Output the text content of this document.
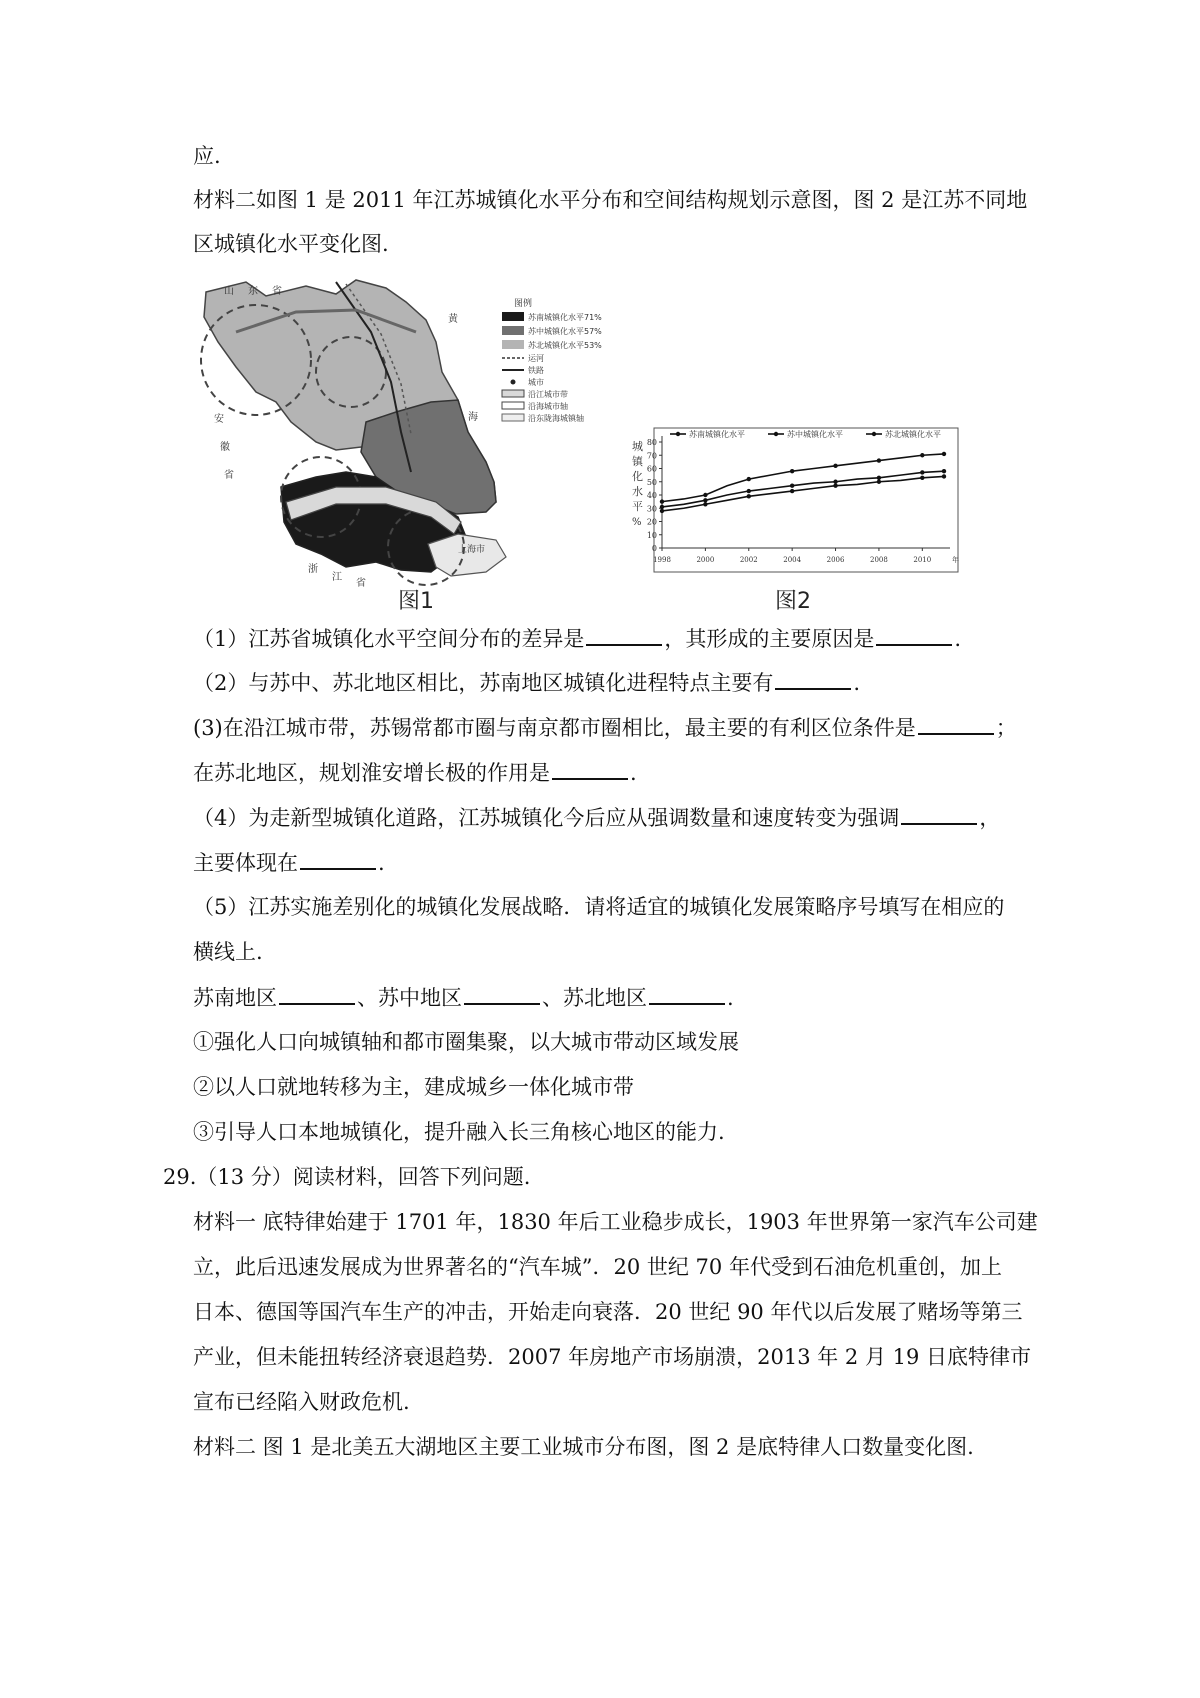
应.
材料二如图 1 是 2011 年江苏城镇化水平分布和空间结构规划示意图，图 2 是江苏不同地
区城镇化水平变化图.
山 东 省
安
徽
省
浙
江
省
黄
海
上海市
图例
苏南城镇化水平71%
苏中城镇化水平57%
苏北城镇化水平53%
运河
铁路
城市
沿江城市带
沿海城市轴
沿东陇海城镇轴
图1
0
10
20
30
40
50
60
70
80
1998	2000	2002	2004	2006	2008	2010	年
城
镇
化
水
平
%
苏南城镇化水平	苏中城镇化水平	苏北城镇化水平
图2
（1）江苏省城镇化水平空间分布的差异是	，其形成的主要原因是	.
（2）与苏中、苏北地区相比，苏南地区城镇化进程特点主要有	.
(3)在沿江城市带，苏锡常都市圈与南京都市圈相比，最主要的有利区位条件是	；
在苏北地区，规划淮安增长极的作用是	.
（4）为走新型城镇化道路，江苏城镇化今后应从强调数量和速度转变为强调	，
主要体现在	.
（5）江苏实施差别化的城镇化发展战略．请将适宜的城镇化发展策略序号填写在相应的
横线上.
苏南地区	、苏中地区	、苏北地区	.
①强化人口向城镇轴和都市圈集聚，以大城市带动区域发展
②以人口就地转移为主，建成城乡一体化城市带
③引导人口本地城镇化，提升融入长三角核心地区的能力.
29.（13 分）阅读材料，回答下列问题.
材料一 底特律始建于 1701 年，1830 年后工业稳步成长，1903 年世界第一家汽车公司建
立，此后迅速发展成为世界著名的“汽车城”．20 世纪 70 年代受到石油危机重创，加上
日本、德国等国汽车生产的冲击，开始走向衰落．20 世纪 90 年代以后发展了赌场等第三
产业，但未能扭转经济衰退趋势．2007 年房地产市场崩溃，2013 年 2 月 19 日底特律市
宣布已经陷入财政危机.
材料二 图 1 是北美五大湖地区主要工业城市分布图，图 2 是底特律人口数量变化图.
